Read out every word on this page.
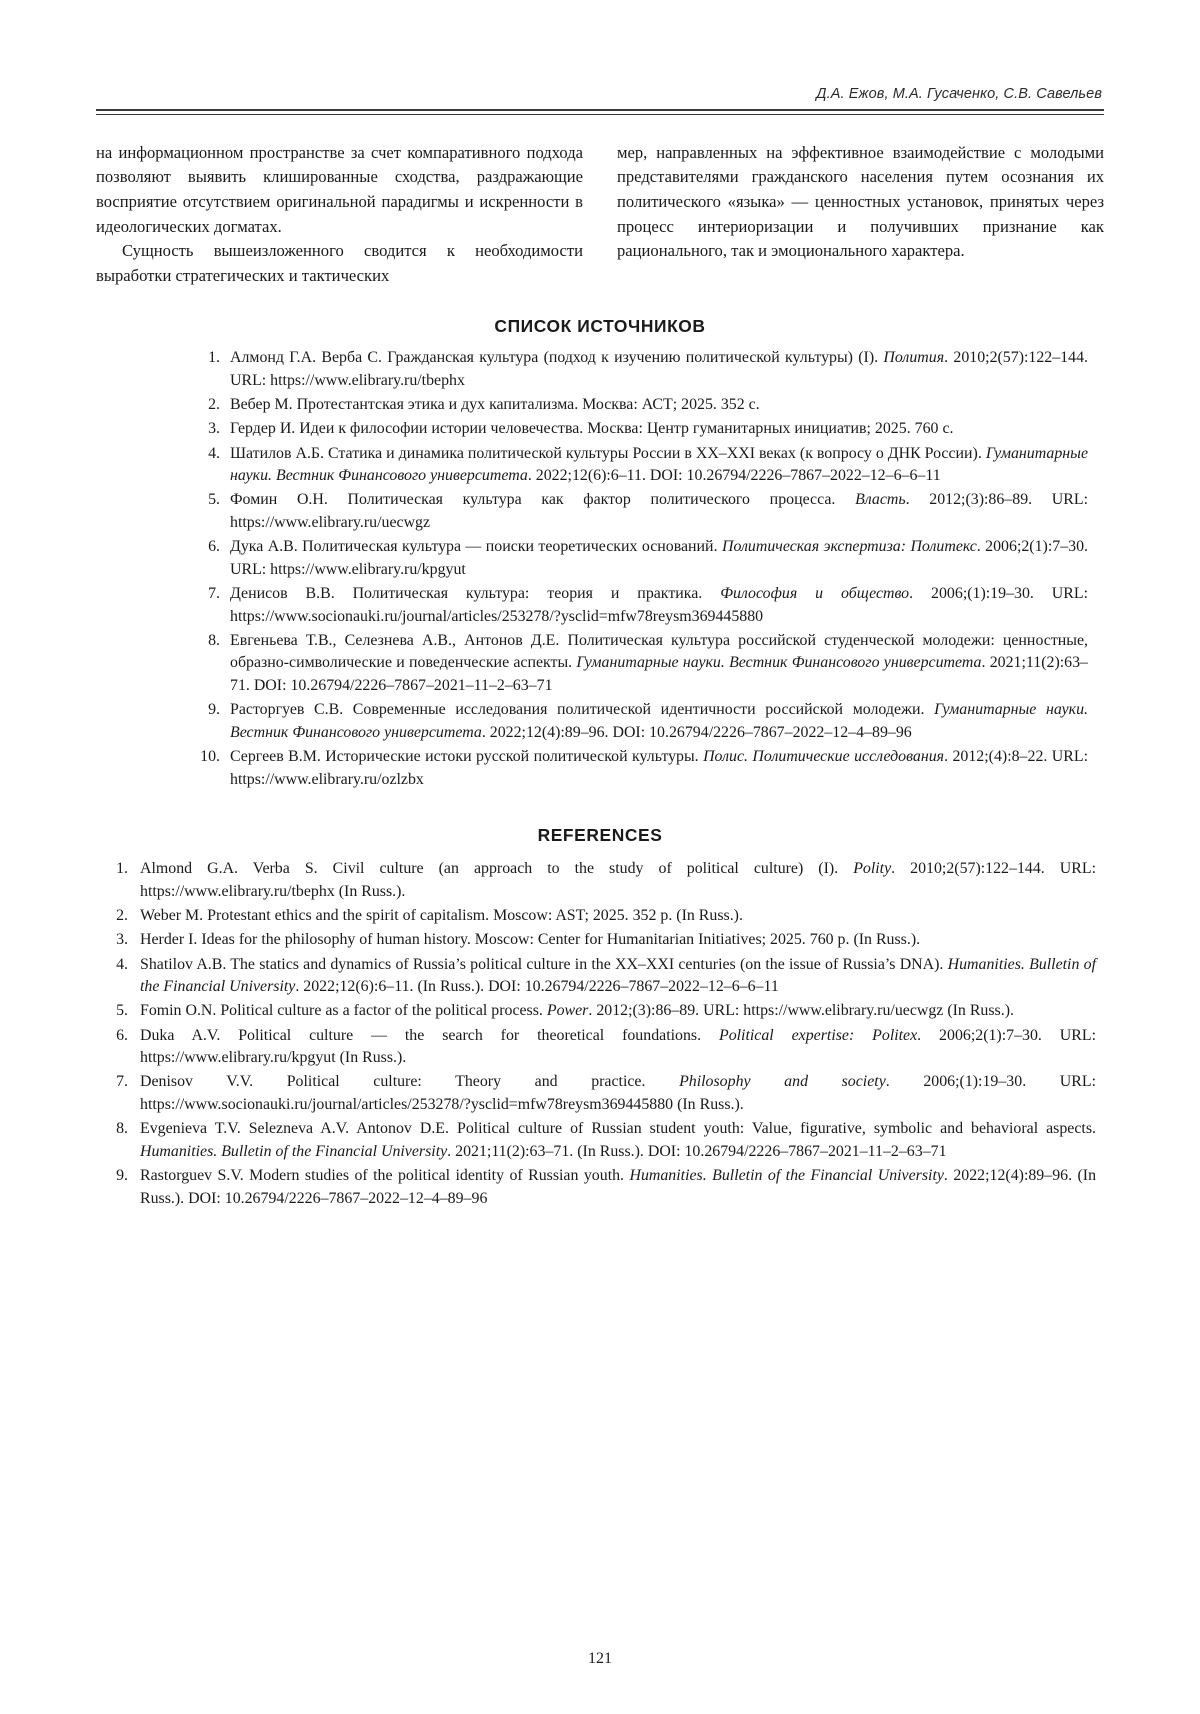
Д.А. Ежов, М.А. Гусаченко, С.В. Савельев

на информационном пространстве за счет компаративного подхода позволяют выявить клишированные сходства, раздражающие восприятие отсутствием оригинальной парадигмы и искренности в идеологических догматах.

Сущность вышеизложенного сводится к необходимости выработки стратегических и тактических

мер, направленных на эффективное взаимодействие с молодыми представителями гражданского населения путем осознания их политического «языка» — ценностных установок, принятых через процесс интериоризации и получивших признание как рационального, так и эмоционального характера.

СПИСОК ИСТОЧНИКОВ
1. Алмонд Г.А. Верба С. Гражданская культура (подход к изучению политической культуры) (I). Полития. 2010;2(57):122–144. URL: https://www.elibrary.ru/tbephx
2. Вебер М. Протестантская этика и дух капитализма. Москва: АСТ; 2025. 352 с.
3. Гердер И. Идеи к философии истории человечества. Москва: Центр гуманитарных инициатив; 2025. 760 с.
4. Шатилов А.Б. Статика и динамика политической культуры России в XX–XXI веках (к вопросу о ДНК России). Гуманитарные науки. Вестник Финансового университета. 2022;12(6):6–11. DOI: 10.26794/2226–7867–2022–12–6–6–11
5. Фомин О.Н. Политическая культура как фактор политического процесса. Власть. 2012;(3):86–89. URL: https://www.elibrary.ru/uecwgz
6. Дука А.В. Политическая культура — поиски теоретических оснований. Политическая экспертиза: Политекс. 2006;2(1):7–30. URL: https://www.elibrary.ru/kpgyut
7. Денисов В.В. Политическая культура: теория и практика. Философия и общество. 2006;(1):19–30. URL: https://www.socionauki.ru/journal/articles/253278/?ysclid=mfw78reysm369445880
8. Евгеньева Т.В., Селезнева А.В., Антонов Д.Е. Политическая культура российской студенческой молодежи: ценностные, образно-символические и поведенческие аспекты. Гуманитарные науки. Вестник Финансового университета. 2021;11(2):63–71. DOI: 10.26794/2226–7867–2021–11–2–63–71
9. Расторгуев С.В. Современные исследования политической идентичности российской молодежи. Гуманитарные науки. Вестник Финансового университета. 2022;12(4):89–96. DOI: 10.26794/2226–7867–2022–12–4–89–96
10. Сергеев В.М. Исторические истоки русской политической культуры. Полис. Политические исследования. 2012;(4):8–22. URL: https://www.elibrary.ru/ozlzbx
REFERENCES
1. Almond G.A. Verba S. Civil culture (an approach to the study of political culture) (I). Polity. 2010;2(57):122–144. URL: https://www.elibrary.ru/tbephx (In Russ.).
2. Weber M. Protestant ethics and the spirit of capitalism. Moscow: AST; 2025. 352 p. (In Russ.).
3. Herder I. Ideas for the philosophy of human history. Moscow: Center for Humanitarian Initiatives; 2025. 760 p. (In Russ.).
4. Shatilov A.B. The statics and dynamics of Russia’s political culture in the XX–XXI centuries (on the issue of Russia’s DNA). Humanities. Bulletin of the Financial University. 2022;12(6):6–11. (In Russ.). DOI: 10.26794/2226–7867–2022–12–6–6–11
5. Fomin O.N. Political culture as a factor of the political process. Power. 2012;(3):86–89. URL: https://www.elibrary.ru/uecwgz (In Russ.).
6. Duka A.V. Political culture — the search for theoretical foundations. Political expertise: Politex. 2006;2(1):7–30. URL: https://www.elibrary.ru/kpgyut (In Russ.).
7. Denisov V.V. Political culture: Theory and practice. Philosophy and society. 2006;(1):19–30. URL: https://www.socionauki.ru/journal/articles/253278/?ysclid=mfw78reysm369445880 (In Russ.).
8. Evgenieva T.V. Selezneva A.V. Antonov D.E. Political culture of Russian student youth: Value, figurative, symbolic and behavioral aspects. Humanities. Bulletin of the Financial University. 2021;11(2):63–71. (In Russ.). DOI: 10.26794/2226–7867–2021–11–2–63–71
9. Rastorguev S.V. Modern studies of the political identity of Russian youth. Humanities. Bulletin of the Financial University. 2022;12(4):89–96. (In Russ.). DOI: 10.26794/2226–7867–2022–12–4–89–96
121
